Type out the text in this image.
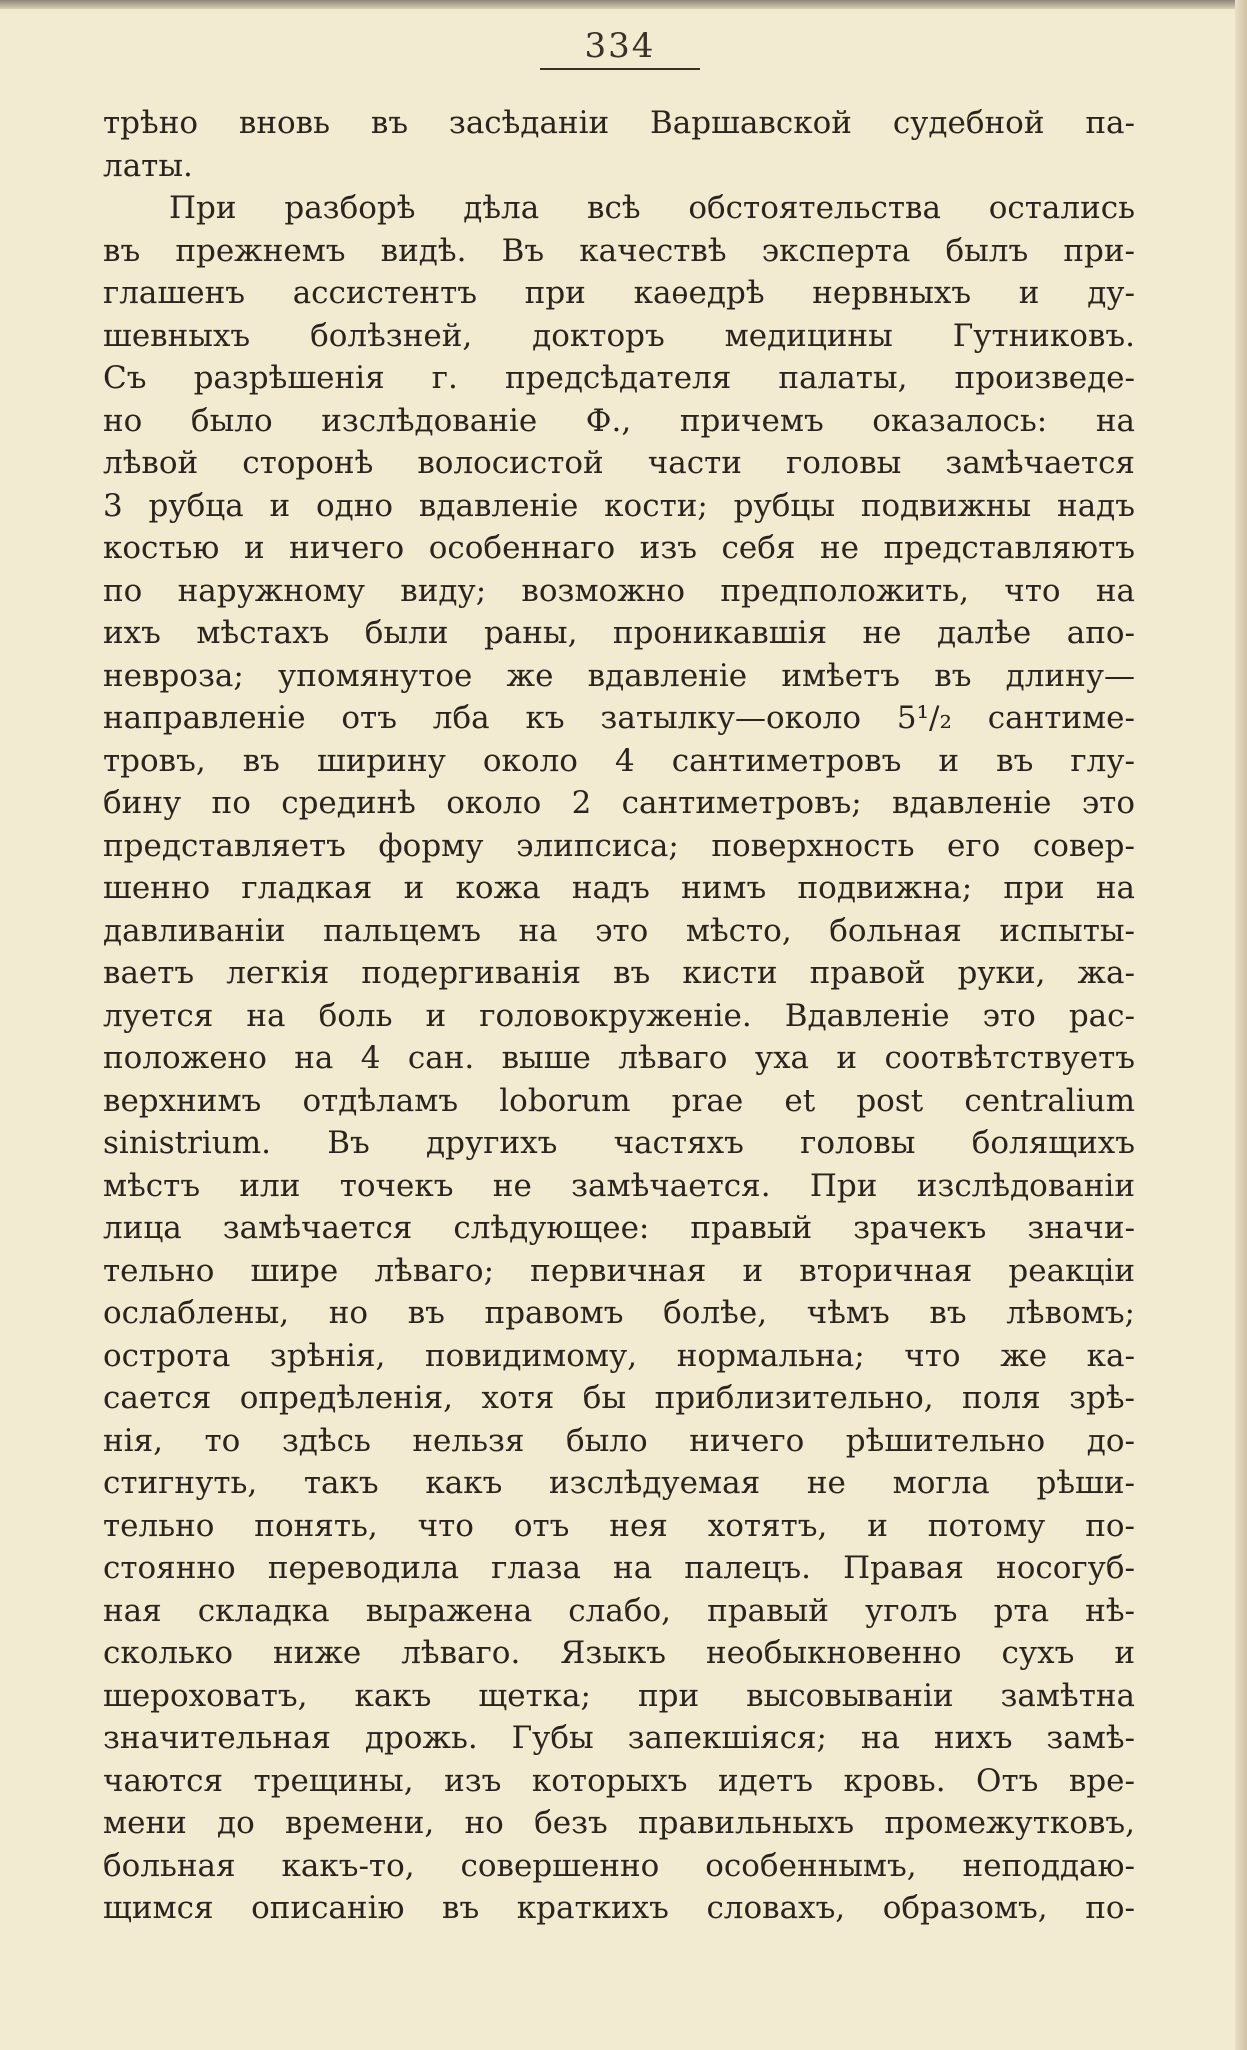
334
трѣно вновь въ засѣданіи Варшавской судебной па-
латы.
При разборѣ дѣла всѣ обстоятельства остались
въ прежнемъ видѣ. Въ качествѣ эксперта былъ при-
глашенъ ассистентъ при каѳедрѣ нервныхъ и ду-
шевныхъ болѣзней, докторъ медицины Гутниковъ.
Съ разрѣшенія г. предсѣдателя палаты, произведе-
но было изслѣдованіе Ф., причемъ оказалось: на
лѣвой сторонѣ волосистой части головы замѣчается
3 рубца и одно вдавленіе кости; рубцы подвижны надъ
костью и ничего особеннаго изъ себя не представляютъ
по наружному виду; возможно предположить, что на
ихъ мѣстахъ были раны, проникавшія не далѣе апо-
невроза; упомянутое же вдавленіе имѣетъ въ длину—
направленіе отъ лба къ затылку—около 5¹/₂ сантиме-
тровъ, въ ширину около 4 сантиметровъ и въ глу-
бину по срединѣ около 2 сантиметровъ; вдавленіе это
представляетъ форму элипсиса; поверхность его совер-
шенно гладкая и кожа надъ нимъ подвижна; при на
давливаніи пальцемъ на это мѣсто, больная испыты-
ваетъ легкія подергиванія въ кисти правой руки, жа-
луется на боль и головокруженіе. Вдавленіе это рас-
положено на 4 сан. выше лѣваго уха и соотвѣтствуетъ
верхнимъ отдѣламъ loborum prae et post centralium
sinistrium. Въ другихъ частяхъ головы болящихъ
мѣстъ или точекъ не замѣчается. При изслѣдованіи
лица замѣчается слѣдующее: правый зрачекъ значи-
тельно шире лѣваго; первичная и вторичная реакціи
ослаблены, но въ правомъ болѣе, чѣмъ въ лѣвомъ;
острота зрѣнія, повидимому, нормальна; что же ка-
сается опредѣленія, хотя бы приблизительно, поля зрѣ-
нія, то здѣсь нельзя было ничего рѣшительно до-
стигнуть, такъ какъ изслѣдуемая не могла рѣши-
тельно понять, что отъ нея хотятъ, и потому по-
стоянно переводила глаза на палецъ. Правая носогуб-
ная складка выражена слабо, правый уголъ рта нѣ-
сколько ниже лѣваго. Языкъ необыкновенно сухъ и
шероховатъ, какъ щетка; при высовываніи замѣтна
значительная дрожь. Губы запекшіяся; на нихъ замѣ-
чаются трещины, изъ которыхъ идетъ кровь. Отъ вре-
мени до времени, но безъ правильныхъ промежутковъ,
больная какъ-то, совершенно особеннымъ, неподдаю-
щимся описанію въ краткихъ словахъ, образомъ, по-
